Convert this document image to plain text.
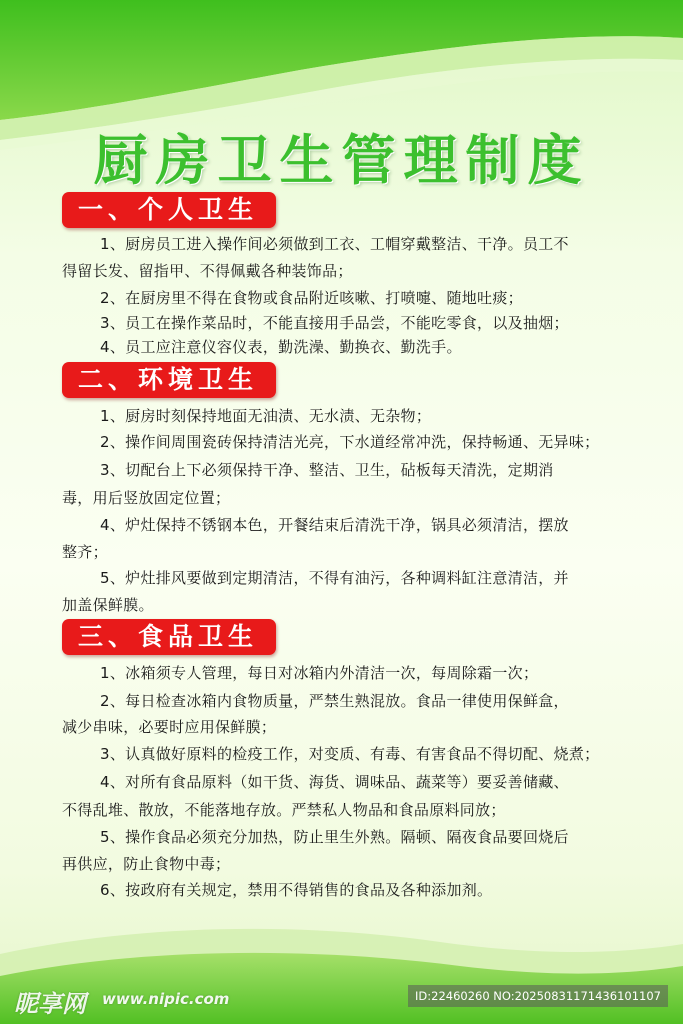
厨房卫生管理制度
一、个人卫生
1、厨房员工进入操作间必须做到工衣、工帽穿戴整洁、干净。员工不
得留长发、留指甲、不得佩戴各种装饰品；
2、在厨房里不得在食物或食品附近咳嗽、打喷嚏、随地吐痰；
3、员工在操作菜品时，不能直接用手品尝，不能吃零食，以及抽烟；
4、员工应注意仪容仪表，勤洗澡、勤换衣、勤洗手。
二、环境卫生
1、厨房时刻保持地面无油渍、无水渍、无杂物；
2、操作间周围瓷砖保持清洁光亮，下水道经常冲洗，保持畅通、无异味；
3、切配台上下必须保持干净、整洁、卫生，砧板每天清洗，定期消
毒，用后竖放固定位置；
4、炉灶保持不锈钢本色，开餐结束后清洗干净，锅具必须清洁，摆放
整齐；
5、炉灶排风要做到定期清洁，不得有油污，各种调料缸注意清洁，并
加盖保鲜膜。
三、食品卫生
1、冰箱须专人管理，每日对冰箱内外清洁一次，每周除霜一次；
2、每日检查冰箱内食物质量，严禁生熟混放。食品一律使用保鲜盒，
减少串味，必要时应用保鲜膜；
3、认真做好原料的检疫工作，对变质、有毒、有害食品不得切配、烧煮；
4、对所有食品原料（如干货、海货、调味品、蔬菜等）要妥善储藏、
不得乱堆、散放，不能落地存放。严禁私人物品和食品原料同放；
5、操作食品必须充分加热，防止里生外熟。隔顿、隔夜食品要回烧后
再供应，防止食物中毒；
6、按政府有关规定，禁用不得销售的食品及各种添加剂。
昵享网 www.nipic.com	ID:22460260 NO:20250831171436101107
